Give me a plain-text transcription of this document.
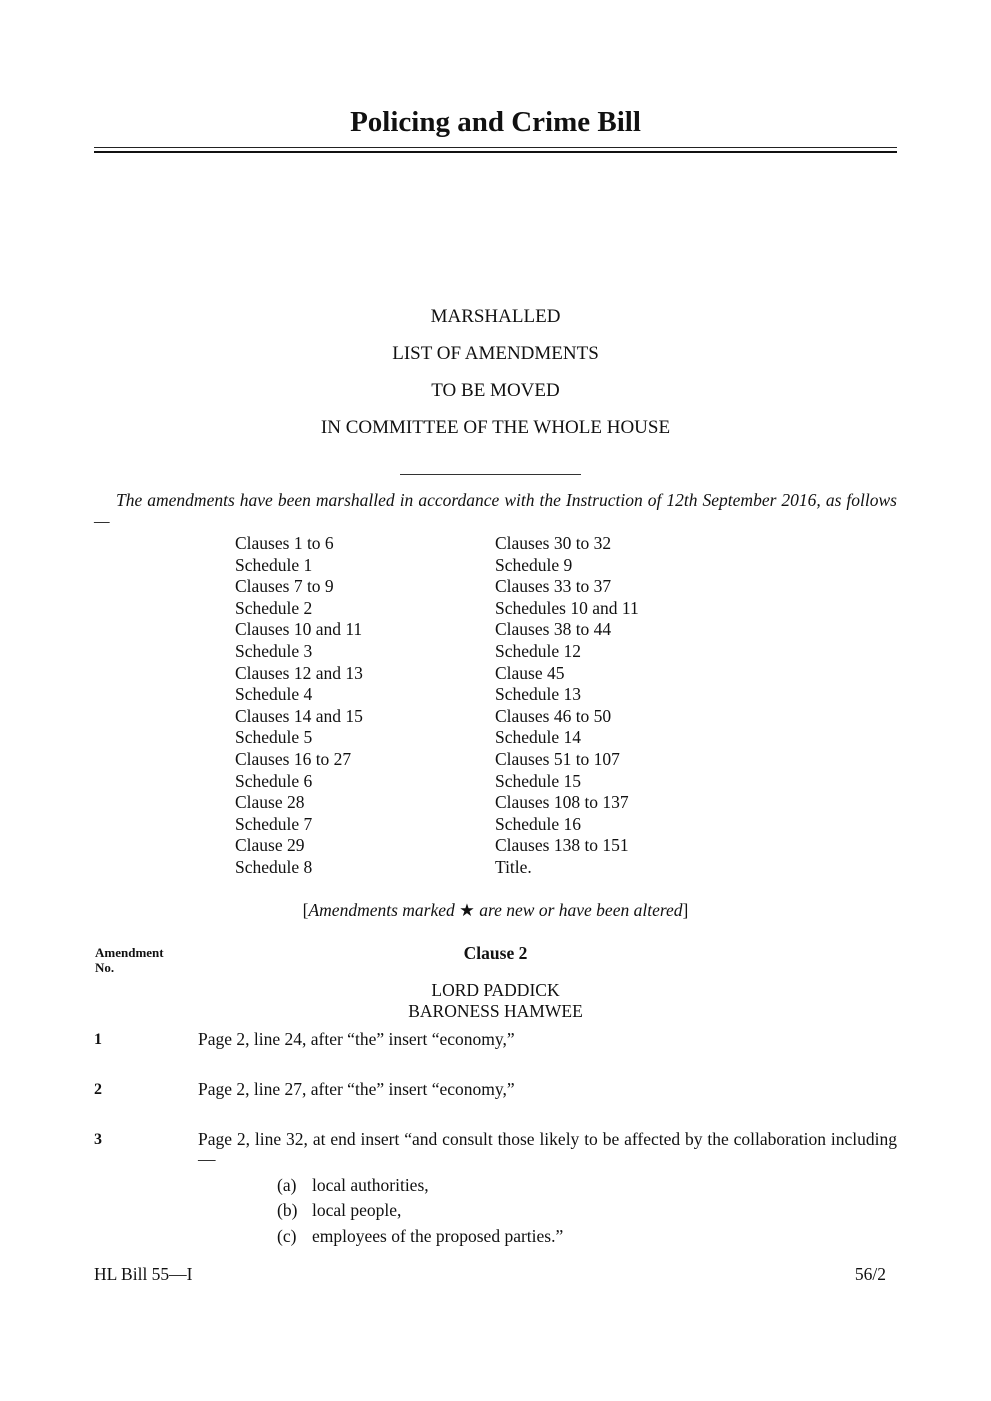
Policing and Crime Bill
MARSHALLED
LIST OF AMENDMENTS
TO BE MOVED
IN COMMITTEE OF THE WHOLE HOUSE
The amendments have been marshalled in accordance with the Instruction of 12th September 2016, as follows—
Clauses 1 to 6
Schedule 1
Clauses 7 to 9
Schedule 2
Clauses 10 and 11
Schedule 3
Clauses 12 and 13
Schedule 4
Clauses 14 and 15
Schedule 5
Clauses 16 to 27
Schedule 6
Clause 28
Schedule 7
Clause 29
Schedule 8
Clauses 30 to 32
Schedule 9
Clauses 33 to 37
Schedules 10 and 11
Clauses 38 to 44
Schedule 12
Clause 45
Schedule 13
Clauses 46 to 50
Schedule 14
Clauses 51 to 107
Schedule 15
Clauses 108 to 137
Schedule 16
Clauses 138 to 151
Title.
[Amendments marked ★ are new or have been altered]
Amendment
No.
Clause 2
LORD PADDICK
BARONESS HAMWEE
1	Page 2, line 24, after “the” insert “economy,”
2	Page 2, line 27, after “the” insert “economy,”
3	Page 2, line 32, at end insert “and consult those likely to be affected by the collaboration including—
(a) local authorities,
(b) local people,
(c) employees of the proposed parties.”
HL Bill 55—I	56/2
